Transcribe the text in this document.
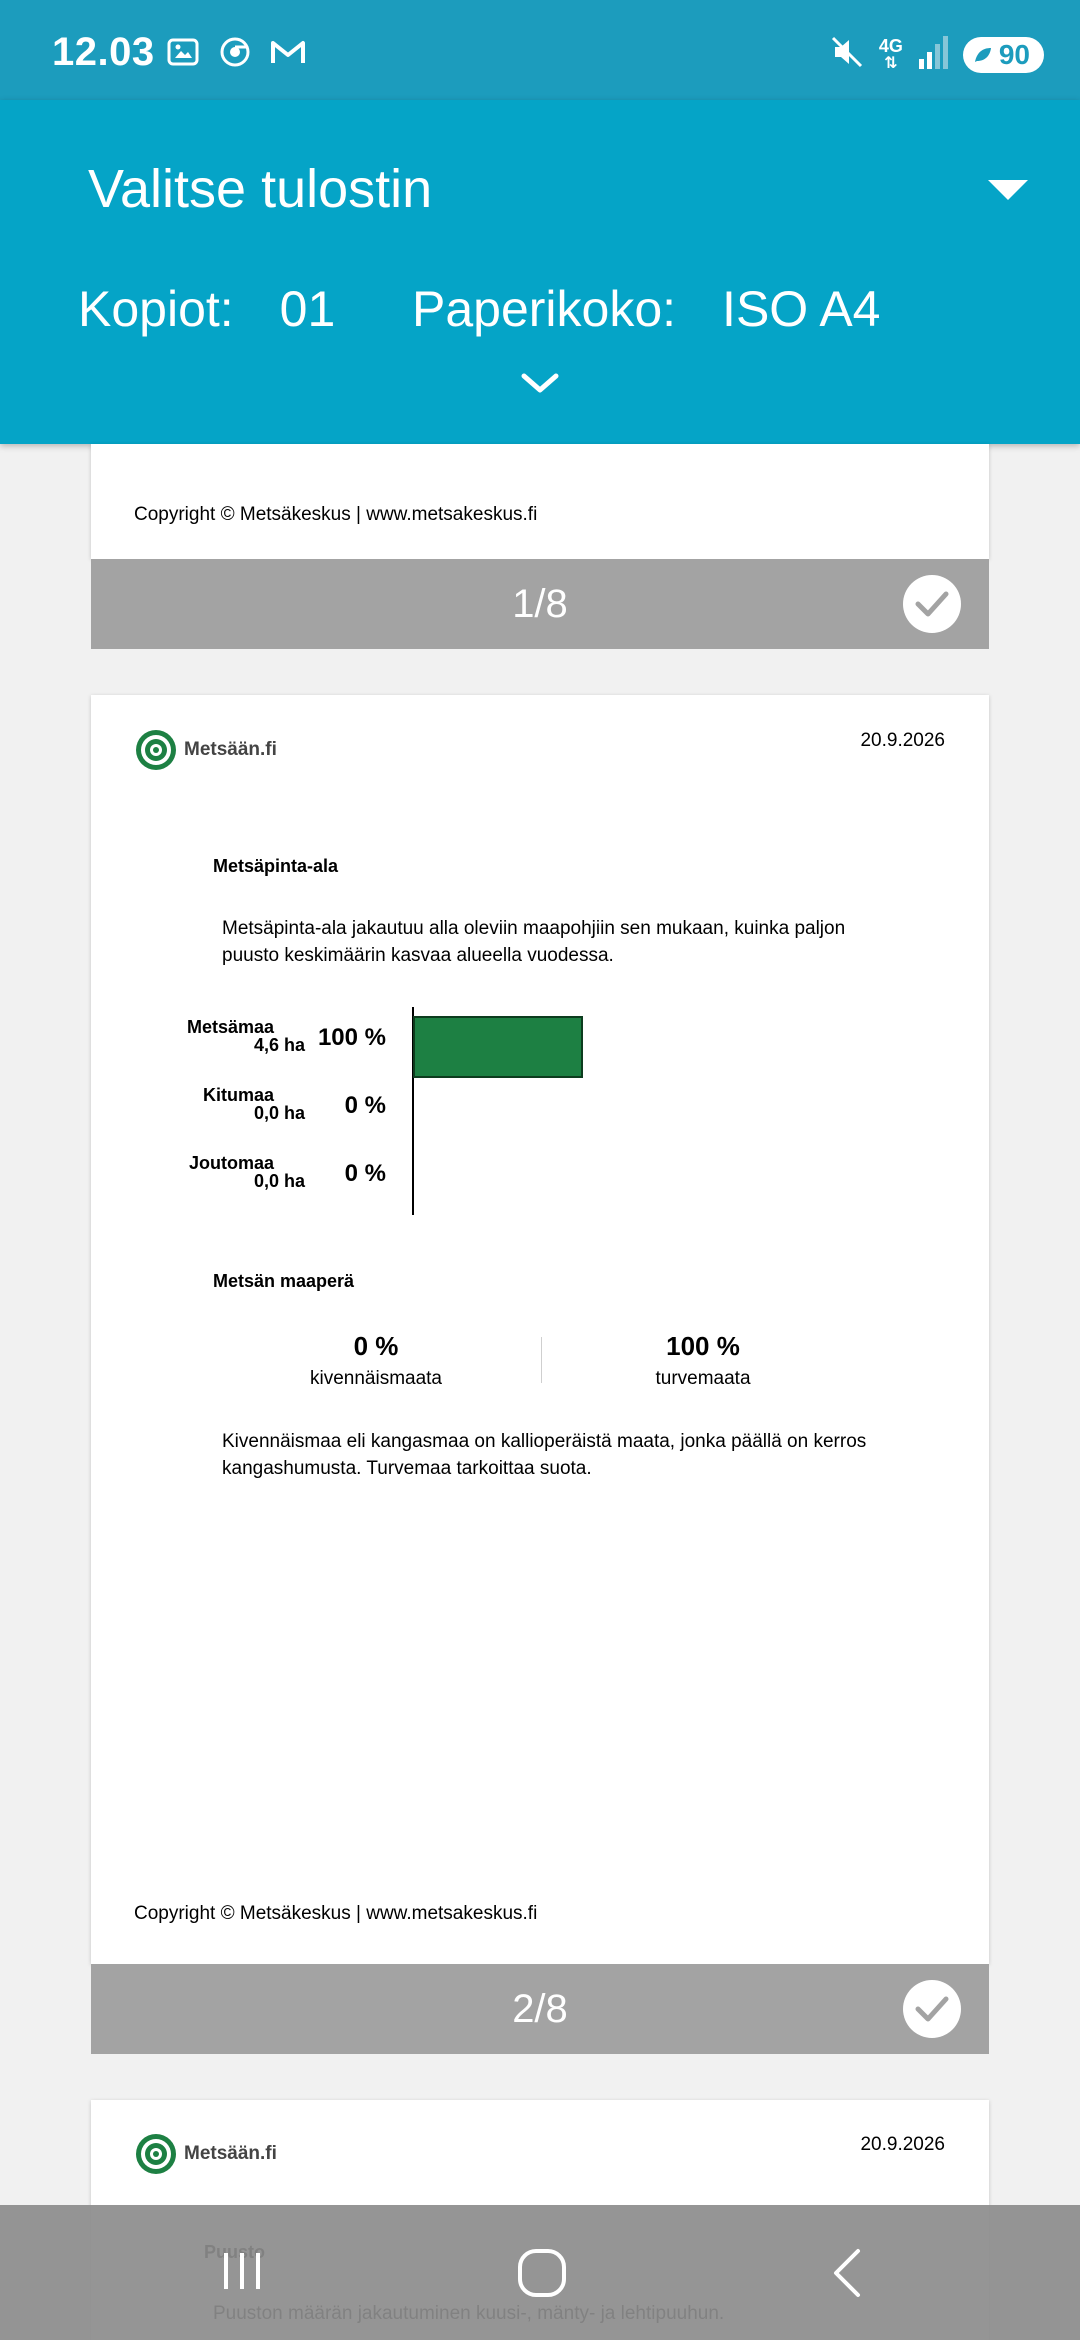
12.03	4G
⇅	90
Valitse tulostin
Kopiot: 01 Paperikoko: ISO A4
Copyright © Metsäkeskus | www.metsakeskus.fi
1/8
Metsään.fi	20.9.2026
Metsäpinta-ala
Metsäpinta-ala jakautuu alla oleviin maapohjiin sen mukaan, kuinka paljon puusto keskimäärin kasvaa alueella vuodessa.
Metsämaa
4,6 ha 100 %
Kitumaa
0,0 ha	0 %
Joutomaa
0,0 ha	0 %
Metsän maaperä
0 %
kivennäismaata
100 %
turvemaata
Kivennäismaa eli kangasmaa on kallioperäistä maata, jonka päällä on kerros kangashumusta. Turvemaa tarkoittaa suota.
Copyright © Metsäkeskus | www.metsakeskus.fi
2/8
Metsään.fi	20.9.2026
